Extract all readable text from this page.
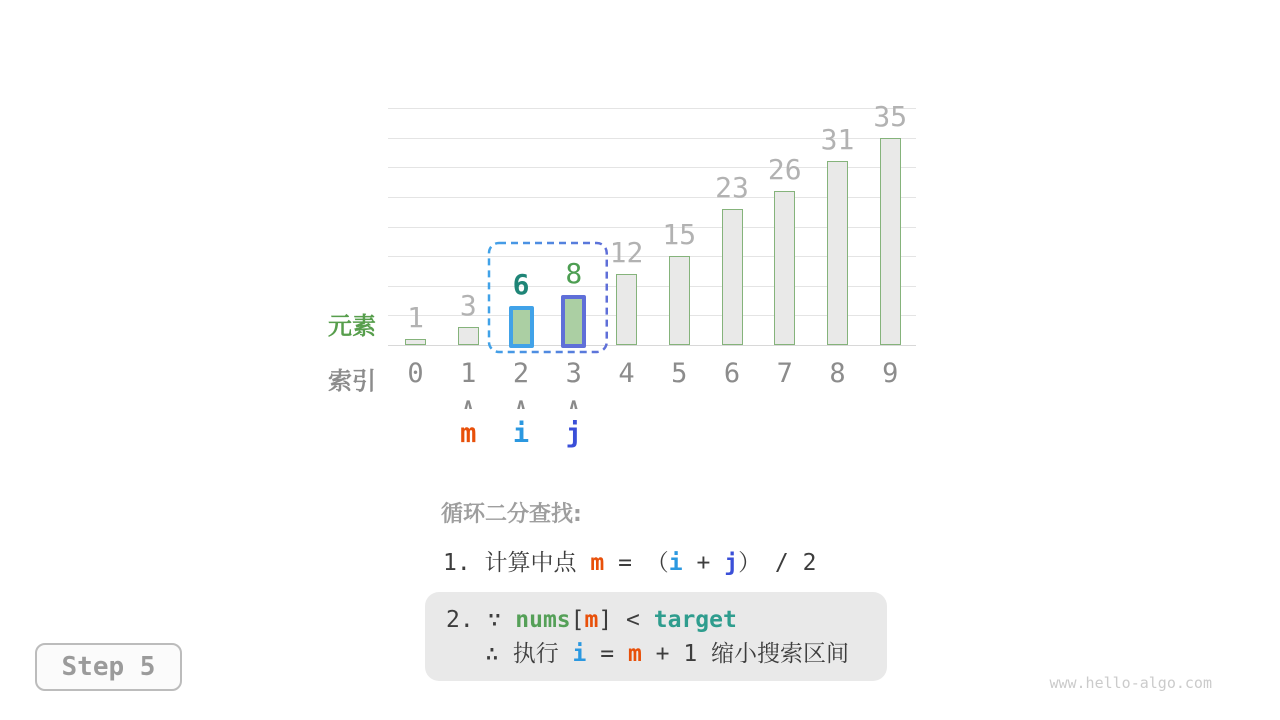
1
0
3
1
6
2
8
3
12
4
15
5
23
6
26
7
31
8
35
9
元素
索引
∧
m
∧
i
∧
j
循环二分查找:
1. 计算中点 m = （i + j） / 2
2. ∵ nums[m] < target
∴ 执行 i = m + 1 缩小搜索区间
Step 5
www.hello-algo.com
